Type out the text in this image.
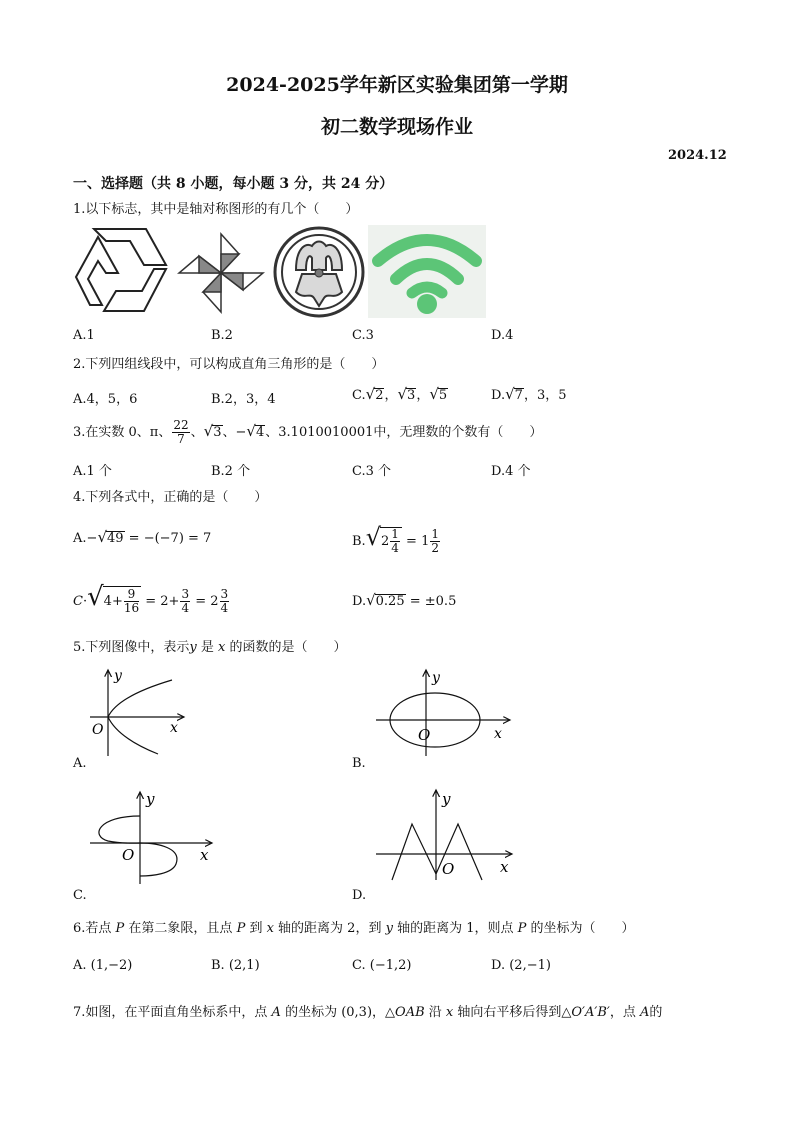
2024-2025学年新区实验集团第一学期
初二数学现场作业
2024.12
一、选择题（共 8 小题，每小题 3 分，共 24 分）
1.以下标志，其中是轴对称图形的有几个（　　）
A.1	B.2	C.3	D.4
2.下列四组线段中，可以构成直角三角形的是（　　）
A.4，5，6	B.2，3，4	C.√2，√3，√5	D.√7，3，5
3.在实数 0、π、 $\frac{22}{7}$ 、√3、−√4、3.1010010001中，无理数的个数有（　　）
A.1 个	B.2 个	C.3 个	D.4 个
4.下列各式中，正确的是（　　）
A.−√49 = −(−7) = 7	$B.√2 \frac{1}{4} = 1 \frac{1}{2}$
$C\cdot√4+ \frac{9}{16} = 2+ \frac{3}{4} = 2 \frac{3}{4}$	D.√0.25 = ±0.5
5.下列图像中，表示y 是 x 的函数的是（　　）
y
x
O
A.
y
x
O
B.
y
x
O
C.
y
x
O
D.
6.若点 P 在第二象限，且点 P 到 x 轴的距离为 2，到 y 轴的距离为 1，则点 P 的坐标为（　　）
A. (1,−2)	B. (2,1)	C. (−1,2)	D. (2,−1)
7.如图，在平面直角坐标系中，点 A 的坐标为 (0,3)，△OAB 沿 x 轴向右平移后得到△O′A′B′，点 A的
